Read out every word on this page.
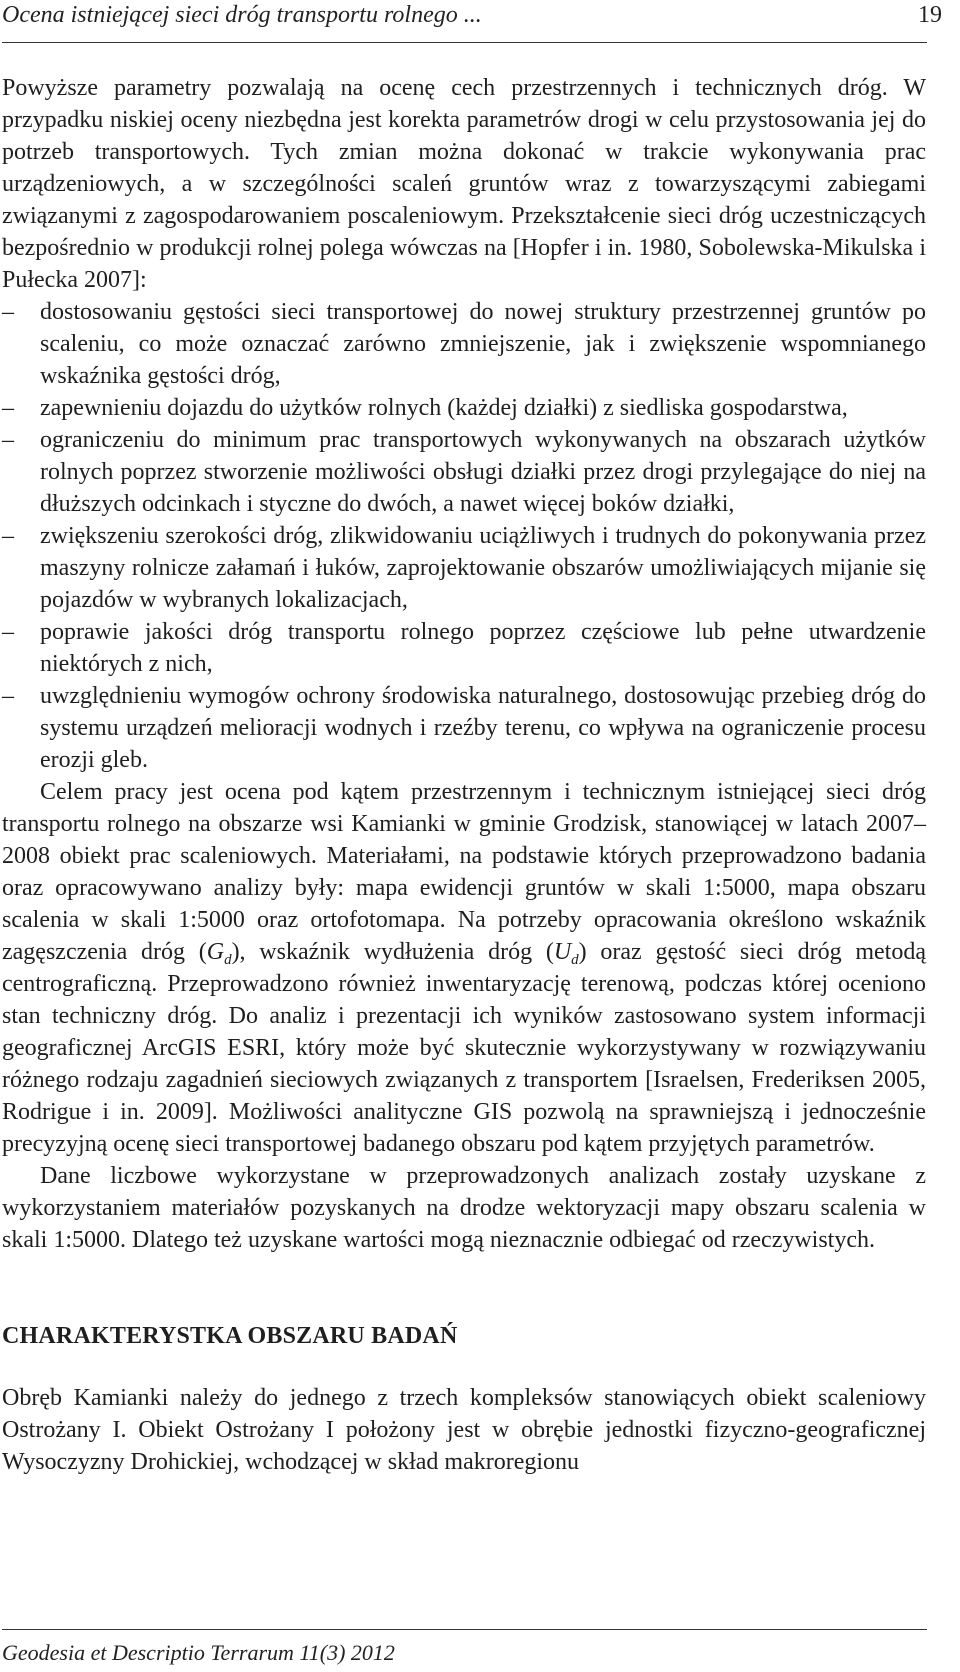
Ocena istniejącej sieci dróg transportu rolnego ...	19

Powyższe parametry pozwalają na ocenę cech przestrzennych i technicznych dróg. W przypadku niskiej oceny niezbędna jest korekta parametrów drogi w celu przystosowania jej do potrzeb transportowych. Tych zmian można dokonać w trakcie wykonywania prac urządzeniowych, a w szczególności scaleń gruntów wraz z towarzyszącymi zabiegami związanymi z zagospodarowaniem poscaleniowym. Przekształcenie sieci dróg uczestniczących bezpośrednio w produkcji rolnej polega wówczas na [Hopfer i in. 1980, Sobolewska-Mikulska i Pułecka 2007]:

– dostosowaniu gęstości sieci transportowej do nowej struktury przestrzennej gruntów po scaleniu, co może oznaczać zarówno zmniejszenie, jak i zwiększenie wspomnianego wskaźnika gęstości dróg,
– zapewnieniu dojazdu do użytków rolnych (każdej działki) z siedliska gospodarstwa,
– ograniczeniu do minimum prac transportowych wykonywanych na obszarach użytków rolnych poprzez stworzenie możliwości obsługi działki przez drogi przylegające do niej na dłuższych odcinkach i styczne do dwóch, a nawet więcej boków działki,
– zwiększeniu szerokości dróg, zlikwidowaniu uciążliwych i trudnych do pokonywania przez maszyny rolnicze załamań i łuków, zaprojektowanie obszarów umożliwiających mijanie się pojazdów w wybranych lokalizacjach,
– poprawie jakości dróg transportu rolnego poprzez częściowe lub pełne utwardzenie niektórych z nich,
– uwzględnieniu wymogów ochrony środowiska naturalnego, dostosowując przebieg dróg do systemu urządzeń melioracji wodnych i rzeźby terenu, co wpływa na ograniczenie procesu erozji gleb.

Celem pracy jest ocena pod kątem przestrzennym i technicznym istniejącej sieci dróg transportu rolnego na obszarze wsi Kamianki w gminie Grodzisk, stanowiącej w latach 2007–2008 obiekt prac scaleniowych. Materiałami, na podstawie których przeprowadzono badania oraz opracowywano analizy były: mapa ewidencji gruntów w skali 1:5000, mapa obszaru scalenia w skali 1:5000 oraz ortofotomapa. Na potrzeby opracowania określono wskaźnik zagęszczenia dróg $(G_d)$, wskaźnik wydłużenia dróg $(U_d)$ oraz gęstość sieci dróg metodą centrograficzną. Przeprowadzono również inwentaryzację terenową, podczas której oceniono stan techniczny dróg. Do analiz i prezentacji ich wyników zastosowano system informacji geograficznej ArcGIS ESRI, który może być skutecznie wykorzystywany w rozwiązywaniu różnego rodzaju zagadnień sieciowych związanych z transportem [Israelsen, Frederiksen 2005, Rodrigue i in. 2009]. Możliwości analityczne GIS pozwolą na sprawniejszą i jednocześnie precyzyjną ocenę sieci transportowej badanego obszaru pod kątem przyjętych parametrów.

Dane liczbowe wykorzystane w przeprowadzonych analizach zostały uzyskane z wykorzystaniem materiałów pozyskanych na drodze wektoryzacji mapy obszaru scalenia w skali 1:5000. Dlatego też uzyskane wartości mogą nieznacznie odbiegać od rzeczywistych.

CHARAKTERYSTKA OBSZARU BADAŃ

Obręb Kamianki należy do jednego z trzech kompleksów stanowiących obiekt scaleniowy Ostrożany I. Obiekt Ostrożany I położony jest w obrębie jednostki fizyczno-geograficznej Wysoczyzny Drohickiej, wchodzącej w skład makroregionu

Geodesia et Descriptio Terrarum 11(3) 2012
